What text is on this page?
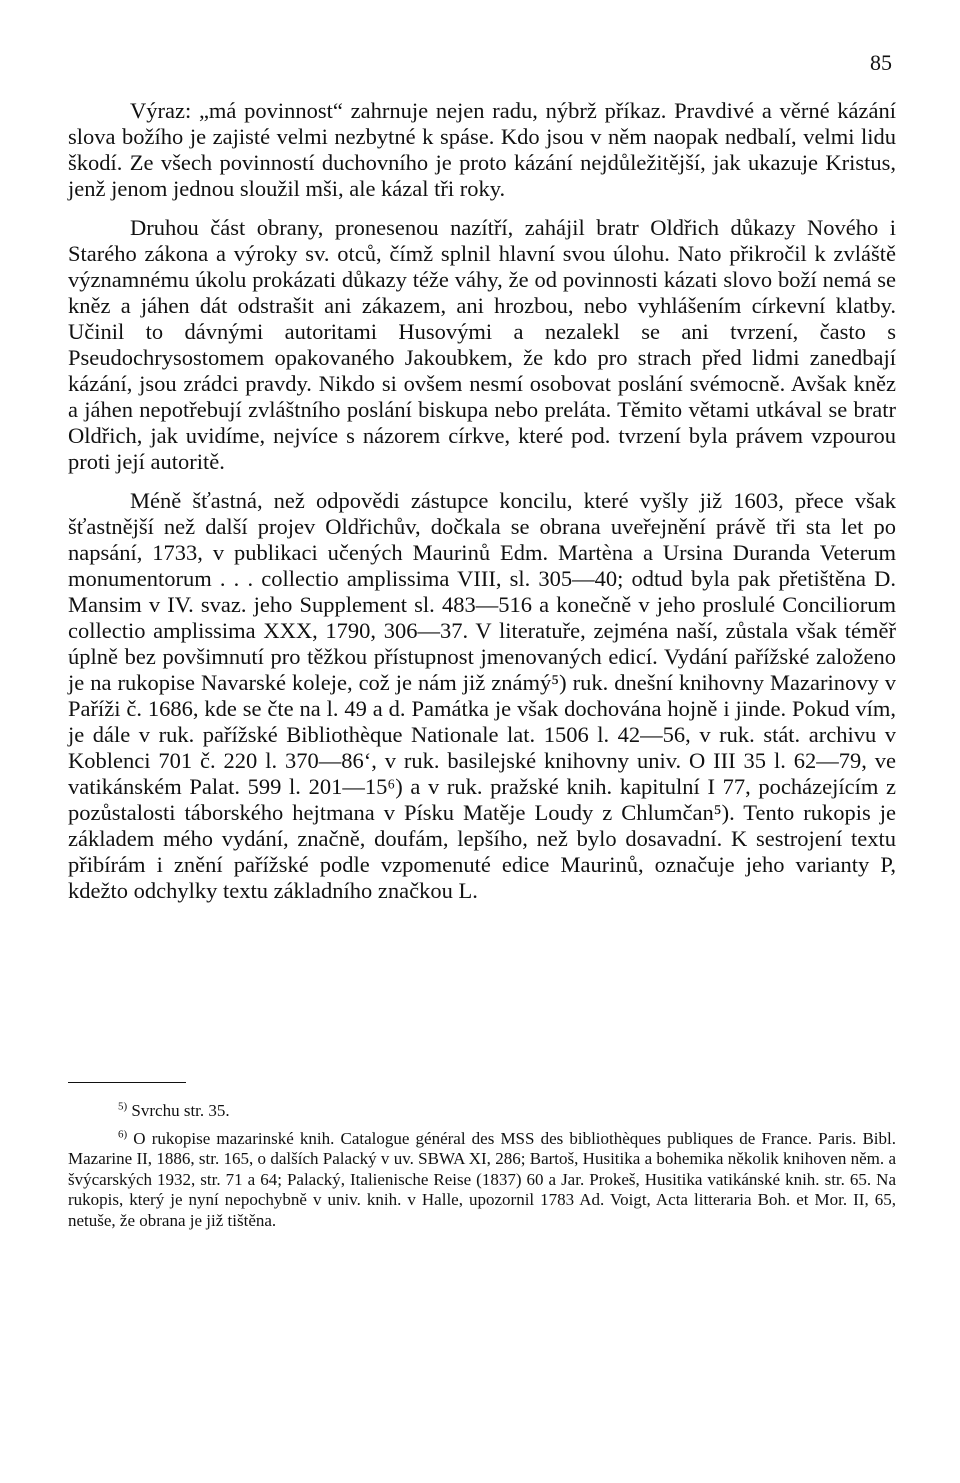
85

Výraz: „má povinnost“ zahrnuje nejen radu, nýbrž příkaz. Pravdivé a věrné kázání slova božího je zajisté velmi nezbytné k spáse. Kdo jsou v něm naopak nedbalí, velmi lidu škodí. Ze všech povinností duchovního je proto kázání nejdůležitější, jak ukazuje Kristus, jenž jenom jednou sloužil mši, ale kázal tři roky.

Druhou část obrany, pronesenou nazítří, zahájil bratr Oldřich důkazy Nového i Starého zákona a výroky sv. otců, čímž splnil hlavní svou úlohu. Nato přikročil k zvláště významnému úkolu prokázati důkazy téže váhy, že od povinnosti kázati slovo boží nemá se kněz a jáhen dát odstrašit ani zákazem, ani hrozbou, nebo vyhlášením církevní klatby. Učinil to dávnými autoritami Husovými a nezalekl se ani tvrzení, často s Pseudochrysostomem opakovaného Jakoubkem, že kdo pro strach před lidmi zanedbají kázání, jsou zrádci pravdy. Nikdo si ovšem nesmí osobovat poslání svémocně. Avšak kněz a jáhen nepotřebují zvláštního poslání biskupa nebo preláta. Těmito větami utkával se bratr Oldřich, jak uvidíme, nejvíce s názorem církve, které pod. tvrzení byla právem vzpourou proti její autoritě.

Méně šťastná, než odpovědi zástupce koncilu, které vyšly již 1603, přece však šťastnější než další projev Oldřichův, dočkala se obrana uveřejnění právě tři sta let po napsání, 1733, v publikaci učených Maurinů Edm. Martèna a Ursina Duranda Veterum monumentorum . . . collectio amplissima VIII, sl. 305—40; odtud byla pak přetištěna D. Mansim v IV. svaz. jeho Supplement sl. 483—516 a konečně v jeho proslulé Conciliorum collectio amplissima XXX, 1790, 306—37. V literatuře, zejména naší, zůstala však téměř úplně bez povšimnutí pro těžkou přístupnost jmenovaných edicí. Vydání pařížské založeno je na rukopise Navarské koleje, což je nám již známý⁵) ruk. dnešní knihovny Mazarinovy v Paříži č. 1686, kde se čte na l. 49 a d. Památka je však dochována hojně i jinde. Pokud vím, je dále v ruk. pařížské Bibliothèque Nationale lat. 1506 l. 42—56, v ruk. stát. archivu v Koblenci 701 č. 220 l. 370—86‘, v ruk. basilejské knihovny univ. O III 35 l. 62—79, ve vatikánském Palat. 599 l. 201—15⁶) a v ruk. pražské knih. kapitulní I 77, pocházejícím z pozůstalosti táborského hejtmana v Písku Matěje Loudy z Chlumčan⁵). Tento rukopis je základem mého vydání, značně, doufám, lepšího, než bylo dosavadní. K sestrojení textu přibírám i znění pařížské podle vzpomenuté edice Maurinů, označuje jeho varianty P, kdežto odchylky textu základního značkou L.

$^{5)}$ Svrchu str. 35.

$^{6)}$ O rukopise mazarinské knih. Catalogue général des MSS des bibliothèques publiques de France. Paris. Bibl. Mazarine II, 1886, str. 165, o dalších Palacký v uv. SBWA XI, 286; Bartoš, Husitika a bohemika několik knihoven něm. a švýcarských 1932, str. 71 a 64; Palacký, Italienische Reise (1837) 60 a Jar. Prokeš, Husitika vatikánské knih. str. 65. Na rukopis, který je nyní nepochybně v univ. knih. v Halle, upozornil 1783 Ad. Voigt, Acta litteraria Boh. et Mor. II, 65, netuše, že obrana je již tištěna.
